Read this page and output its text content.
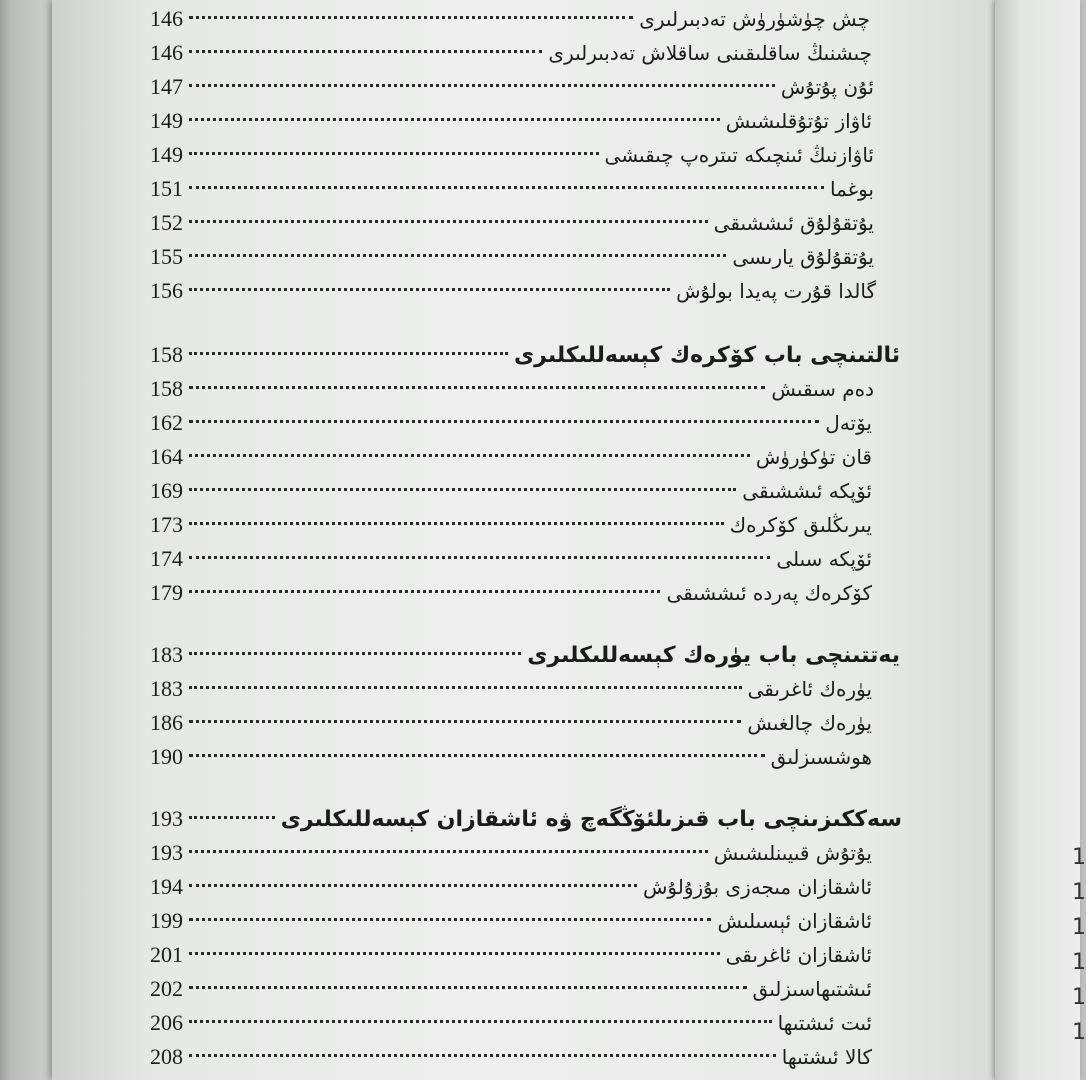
1
1
1
1
1
1
146	چش چۈشۈرۈش تەدبىرلىرى
146	چىشنىڭ ساقلىقىنى ساقلاش تەدبىرلىرى
147	ئۇن پۇتۇش
149	ئاۋاز تۇتۇقلىشىش
149	ئاۋازنىڭ ئىنچىكە تىترەپ چىقىشى
151	بوغما
152	يۇتقۇلۇق ئىششىقى
155	يۇتقۇلۇق يارىسى
156	گالدا قۇرت پەيدا بولۇش
158	ئالتىنچى باب كۆكرەك كېسەللىكلىرى
158	دەم سىقىش
162	يۆتەل
164	قان تۈكۈرۈش
169	ئۆپكە ئىششىقى
173	يىرىڭلىق كۆكرەك
174	ئۆپكە سىلى
179	كۆكرەك پەردە ئىششىقى
183	يەتتىنچى باب يۈرەك كېسەللىكلىرى
183	يۈرەك ئاغرىقى
186	يۈرەك چالغىش
190	ھوشسىزلىق
193	سەككىزىنچى باب قىزىلئۆڭگەچ ۋە ئاشقازان كېسەللىكلىرى
193	يۇتۇش قىيىنلىشىش
194	ئاشقازان مىجەزى بۇزۇلۇش
199	ئاشقازان ئېسىلىش
201	ئاشقازان ئاغرىقى
202	ئىشتىھاسىزلىق
206	ئىت ئىشتىھا
208	كالا ئىشتىھا
